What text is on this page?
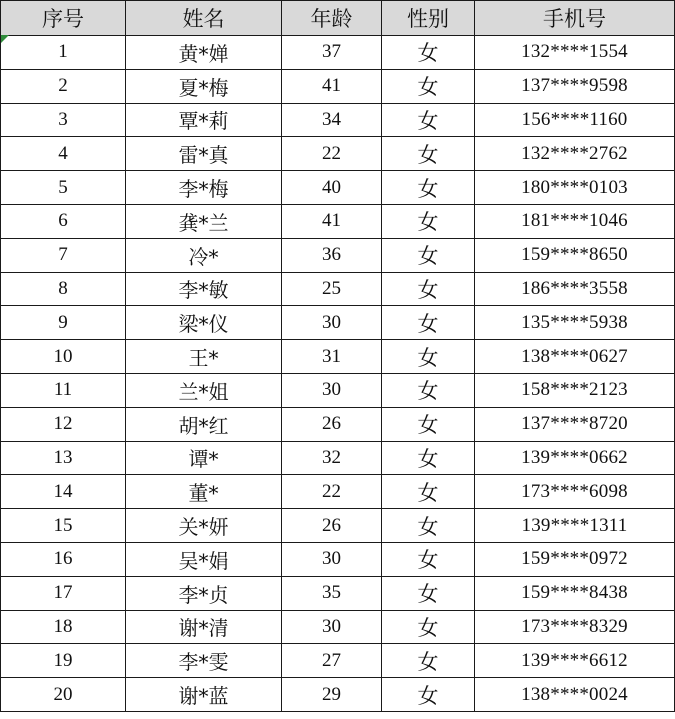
序号	姓名	年龄	性别	手机号
1	黄*婵	37	女	132****1554
2	夏*梅	41	女	137****9598
3	覃*莉	34	女	156****1160
4	雷*真	22	女	132****2762
5	李*梅	40	女	180****0103
6	龚*兰	41	女	181****1046
7	冷*	36	女	159****8650
8	李*敏	25	女	186****3558
9	梁*仪	30	女	135****5938
10	王*	31	女	138****0627
11	兰*姐	30	女	158****2123
12	胡*红	26	女	137****8720
13	谭*	32	女	139****0662
14	董*	22	女	173****6098
15	关*妍	26	女	139****1311
16	吴*娟	30	女	159****0972
17	李*贞	35	女	159****8438
18	谢*清	30	女	173****8329
19	李*雯	27	女	139****6612
20	谢*蓝	29	女	138****0024
